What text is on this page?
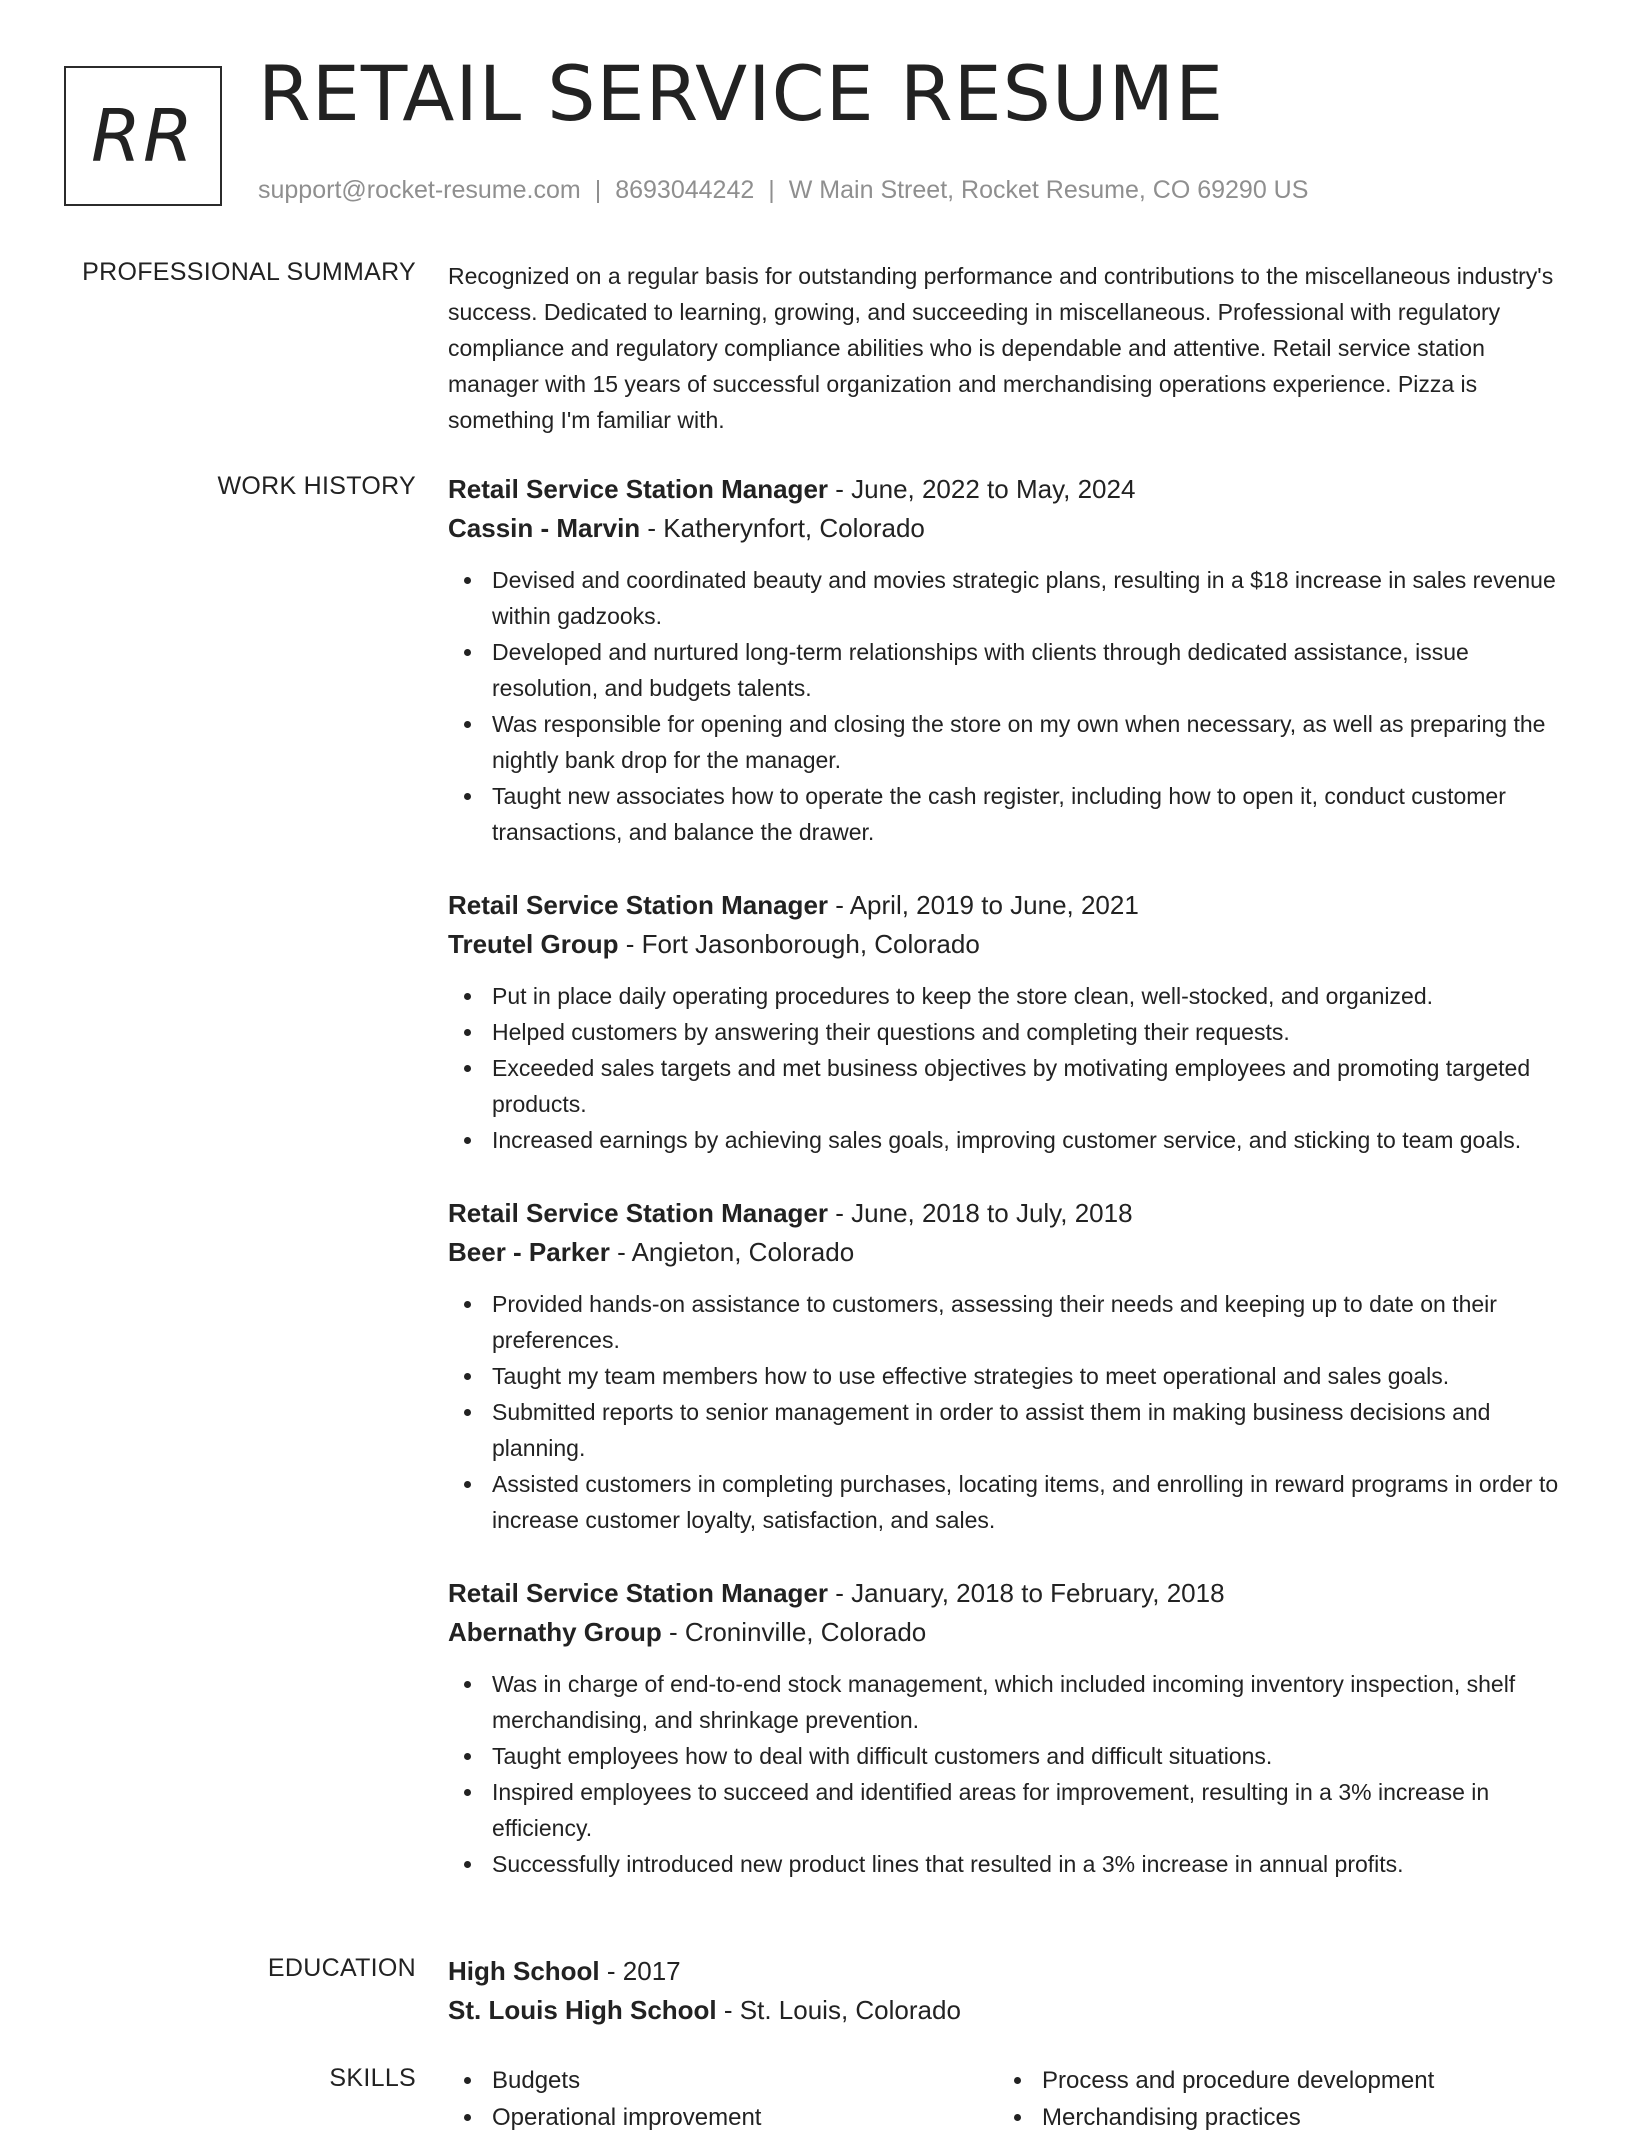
RR RETAIL SERVICE RESUME
support@rocket-resume.com | 8693044242 | W Main Street, Rocket Resume, CO 69290 US
PROFESSIONAL SUMMARY Recognized on a regular basis for outstanding performance and contributions to the miscellaneous industry's success. Dedicated to learning, growing, and succeeding in miscellaneous. Professional with regulatory compliance and regulatory compliance abilities who is dependable and attentive. Retail service station manager with 15 years of successful organization and merchandising operations experience. Pizza is something I'm familiar with.

WORK HISTORY Retail Service Station Manager - June, 2022 to May, 2024

Cassin - Marvin - Katherynfort, Colorado

Devised and coordinated beauty and movies strategic plans, resulting in a $18 increase in sales revenue within gadzooks.
Developed and nurtured long-term relationships with clients through dedicated assistance, issue resolution, and budgets talents.
Was responsible for opening and closing the store on my own when necessary, as well as preparing the nightly bank drop for the manager.
Taught new associates how to operate the cash register, including how to open it, conduct customer transactions, and balance the drawer.

Retail Service Station Manager - April, 2019 to June, 2021

Treutel Group - Fort Jasonborough, Colorado

Put in place daily operating procedures to keep the store clean, well-stocked, and organized.
Helped customers by answering their questions and completing their requests.
Exceeded sales targets and met business objectives by motivating employees and promoting targeted products.
Increased earnings by achieving sales goals, improving customer service, and sticking to team goals.

Retail Service Station Manager - June, 2018 to July, 2018

Beer - Parker - Angieton, Colorado

Provided hands-on assistance to customers, assessing their needs and keeping up to date on their preferences.
Taught my team members how to use effective strategies to meet operational and sales goals.
Submitted reports to senior management in order to assist them in making business decisions and planning.
Assisted customers in completing purchases, locating items, and enrolling in reward programs in order to increase customer loyalty, satisfaction, and sales.

Retail Service Station Manager - January, 2018 to February, 2018

Abernathy Group - Croninville, Colorado

Was in charge of end-to-end stock management, which included incoming inventory inspection, shelf merchandising, and shrinkage prevention.
Taught employees how to deal with difficult customers and difficult situations.
Inspired employees to succeed and identified areas for improvement, resulting in a 3% increase in efficiency.
Successfully introduced new product lines that resulted in a 3% increase in annual profits.
EDUCATION High School - 2017

St. Louis High School - St. Louis, Colorado

SKILLS	Budgets
Operational improvement
Process and procedure development
Merchandising practices
